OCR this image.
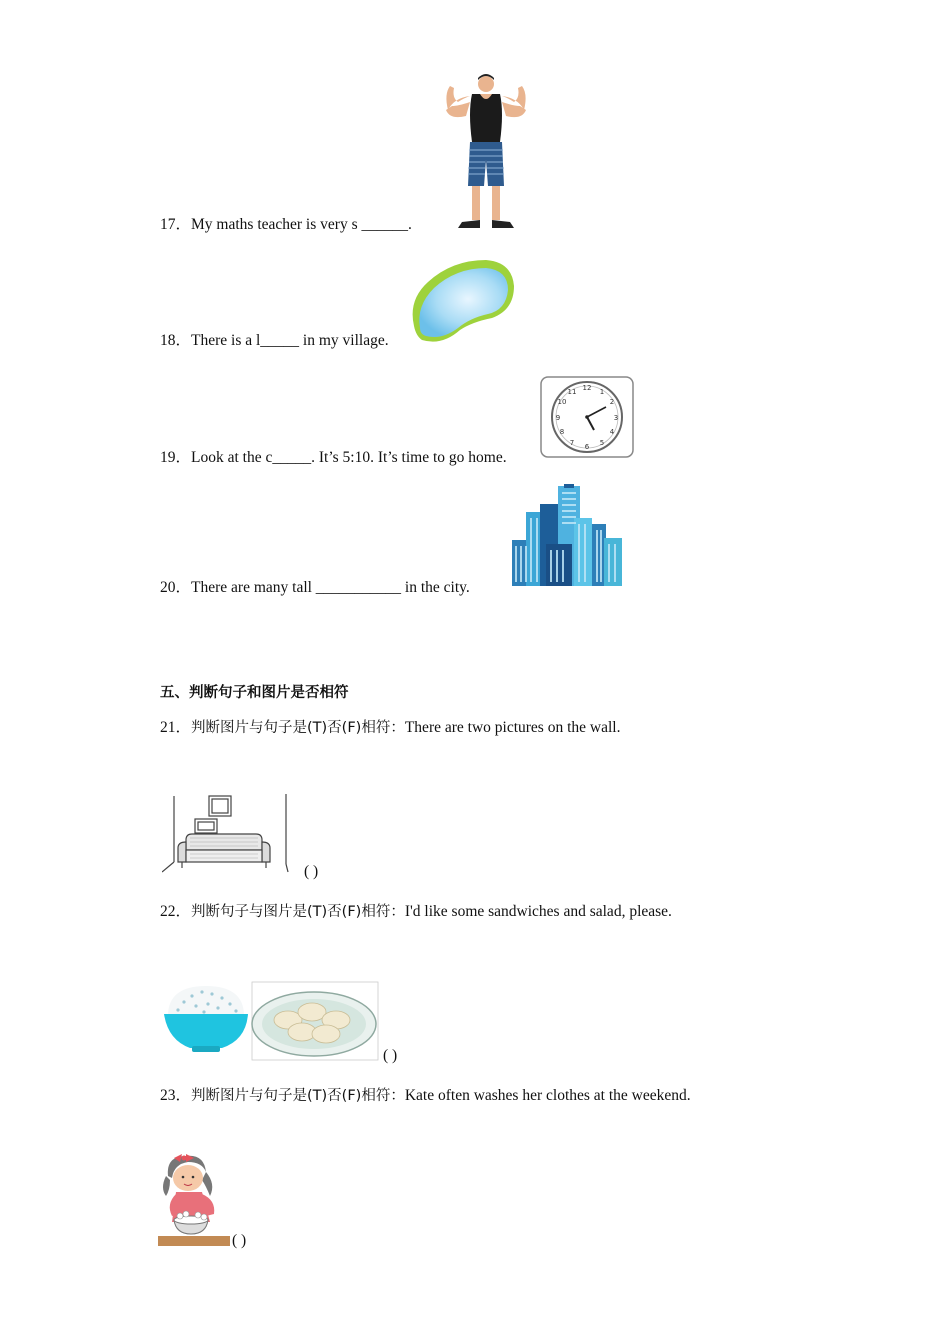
17．My maths teacher is very s ______.
18．There is a l_____ in my village.
12 1
2
3
4
5
6
7
8
9
10
11
19．Look at the c_____. It’s 5:10. It’s time to go home.
20．There are many tall ___________ in the city.
五、判断句子和图片是否相符
21．判断图片与句子是(T)否(F)相符：There are two pictures on the wall.
( )
22．判断句子与图片是(T)否(F)相符：I'd like some sandwiches and salad, please.
( )
23．判断图片与句子是(T)否(F)相符：Kate often washes her clothes at the weekend.
( )
